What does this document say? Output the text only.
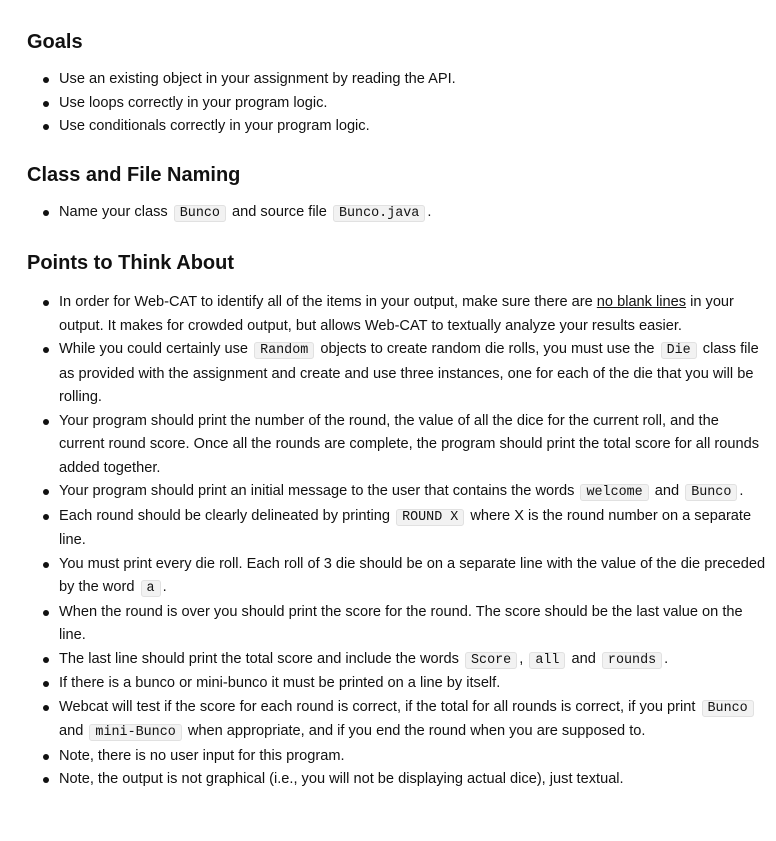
Goals
Use an existing object in your assignment by reading the API.
Use loops correctly in your program logic.
Use conditionals correctly in your program logic.
Class and File Naming
Name your class Bunco and source file Bunco.java .
Points to Think About
In order for Web-CAT to identify all of the items in your output, make sure there are no blank lines in your output. It makes for crowded output, but allows Web-CAT to textually analyze your results easier.
While you could certainly use Random objects to create random die rolls, you must use the Die class file as provided with the assignment and create and use three instances, one for each of the die that you will be rolling.
Your program should print the number of the round, the value of all the dice for the current roll, and the current round score. Once all the rounds are complete, the program should print the total score for all rounds added together.
Your program should print an initial message to the user that contains the words welcome and Bunco .
Each round should be clearly delineated by printing ROUND X where X is the round number on a separate line.
You must print every die roll. Each roll of 3 die should be on a separate line with the value of the die preceded by the word a .
When the round is over you should print the score for the round. The score should be the last value on the line.
The last line should print the total score and include the words Score , all and rounds .
If there is a bunco or mini-bunco it must be printed on a line by itself.
Webcat will test if the score for each round is correct, if the total for all rounds is correct, if you print Bunco and mini-Bunco when appropriate, and if you end the round when you are supposed to.
Note, there is no user input for this program.
Note, the output is not graphical (i.e., you will not be displaying actual dice), just textual.
